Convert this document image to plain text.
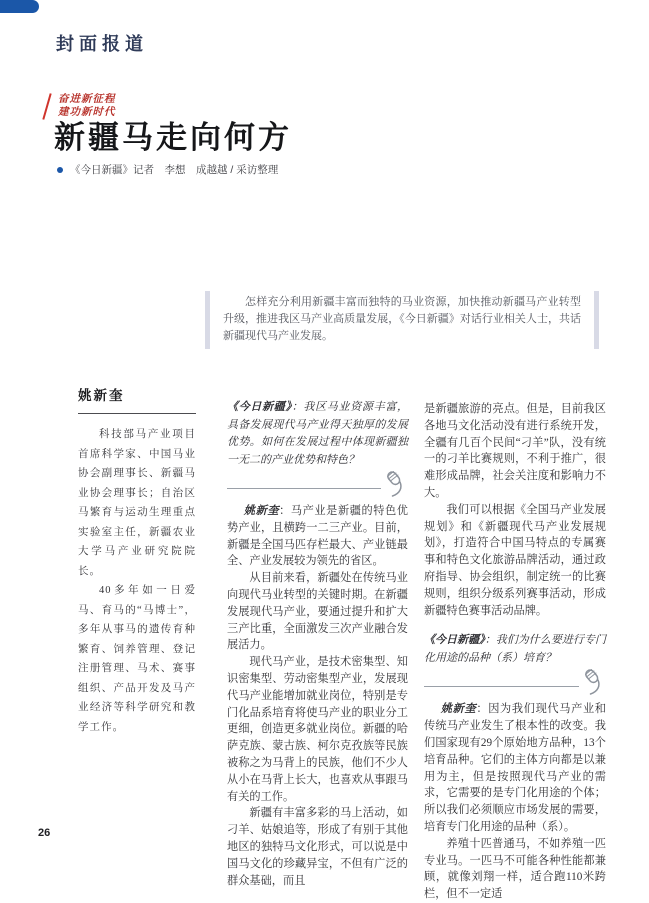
封面报道
奋进新征程
建功新时代
新疆马走向何方
《今日新疆》记者　李想　成越越 / 采访整理
怎样充分利用新疆丰富而独特的马业资源，加快推动新疆马产业转型升级，推进我区马产业高质量发展，《今日新疆》对话行业相关人士，共话新疆现代马产业发展。
姚新奎

科技部马产业项目首席科学家、中国马业协会副理事长、新疆马业协会理事长；自治区马繁育与运动生理重点实验室主任，新疆农业大学马产业研究院院长。

40多年如一日爱马、育马的“马博士”，多年从事马的遗传育种繁育、饲养管理、登记注册管理、马术、赛事组织、产品开发及马产业经济等科学研究和教学工作。

《今日新疆》：我区马业资源丰富，具备发展现代马产业得天独厚的发展优势。如何在发展过程中体现新疆独一无二的产业优势和特色？

姚新奎：马产业是新疆的特色优势产业，且横跨一二三产业。目前，新疆是全国马匹存栏最大、产业链最全、产业发展较为领先的省区。

从目前来看，新疆处在传统马业向现代马业转型的关键时期。在新疆发展现代马产业，要通过提升和扩大三产比重，全面激发三次产业融合发展活力。

现代马产业，是技术密集型、知识密集型、劳动密集型产业，发展现代马产业能增加就业岗位，特别是专门化品系培育将使马产业的职业分工更细，创造更多就业岗位。新疆的哈萨克族、蒙古族、柯尔克孜族等民族被称之为马背上的民族，他们不少人从小在马背上长大，也喜欢从事跟马有关的工作。

新疆有丰富多彩的马上活动，如刁羊、姑娘追等，形成了有别于其他地区的独特马文化形式，可以说是中国马文化的珍藏异宝，不但有广泛的群众基础，而且

是新疆旅游的亮点。但是，目前我区各地马文化活动没有进行系统开发，全疆有几百个民间“刁羊”队，没有统一的刁羊比赛规则，不利于推广，很难形成品牌，社会关注度和影响力不大。

我们可以根据《全国马产业发展规划》和《新疆现代马产业发展规划》，打造符合中国马特点的专属赛事和特色文化旅游品牌活动，通过政府指导、协会组织，制定统一的比赛规则，组织分级系列赛事活动，形成新疆特色赛事活动品牌。

《今日新疆》：我们为什么要进行专门化用途的品种（系）培育？

姚新奎：因为我们现代马产业和传统马产业发生了根本性的改变。我们国家现有29个原始地方品种，13个培育品种。它们的主体方向都是以兼用为主，但是按照现代马产业的需求，它需要的是专门化用途的个体；所以我们必须顺应市场发展的需要，培育专门化用途的品种（系）。

养殖十匹普通马，不如养殖一匹专业马。一匹马不可能各种性能都兼顾，就像刘翔一样，适合跑110米跨栏，但不一定适

26
